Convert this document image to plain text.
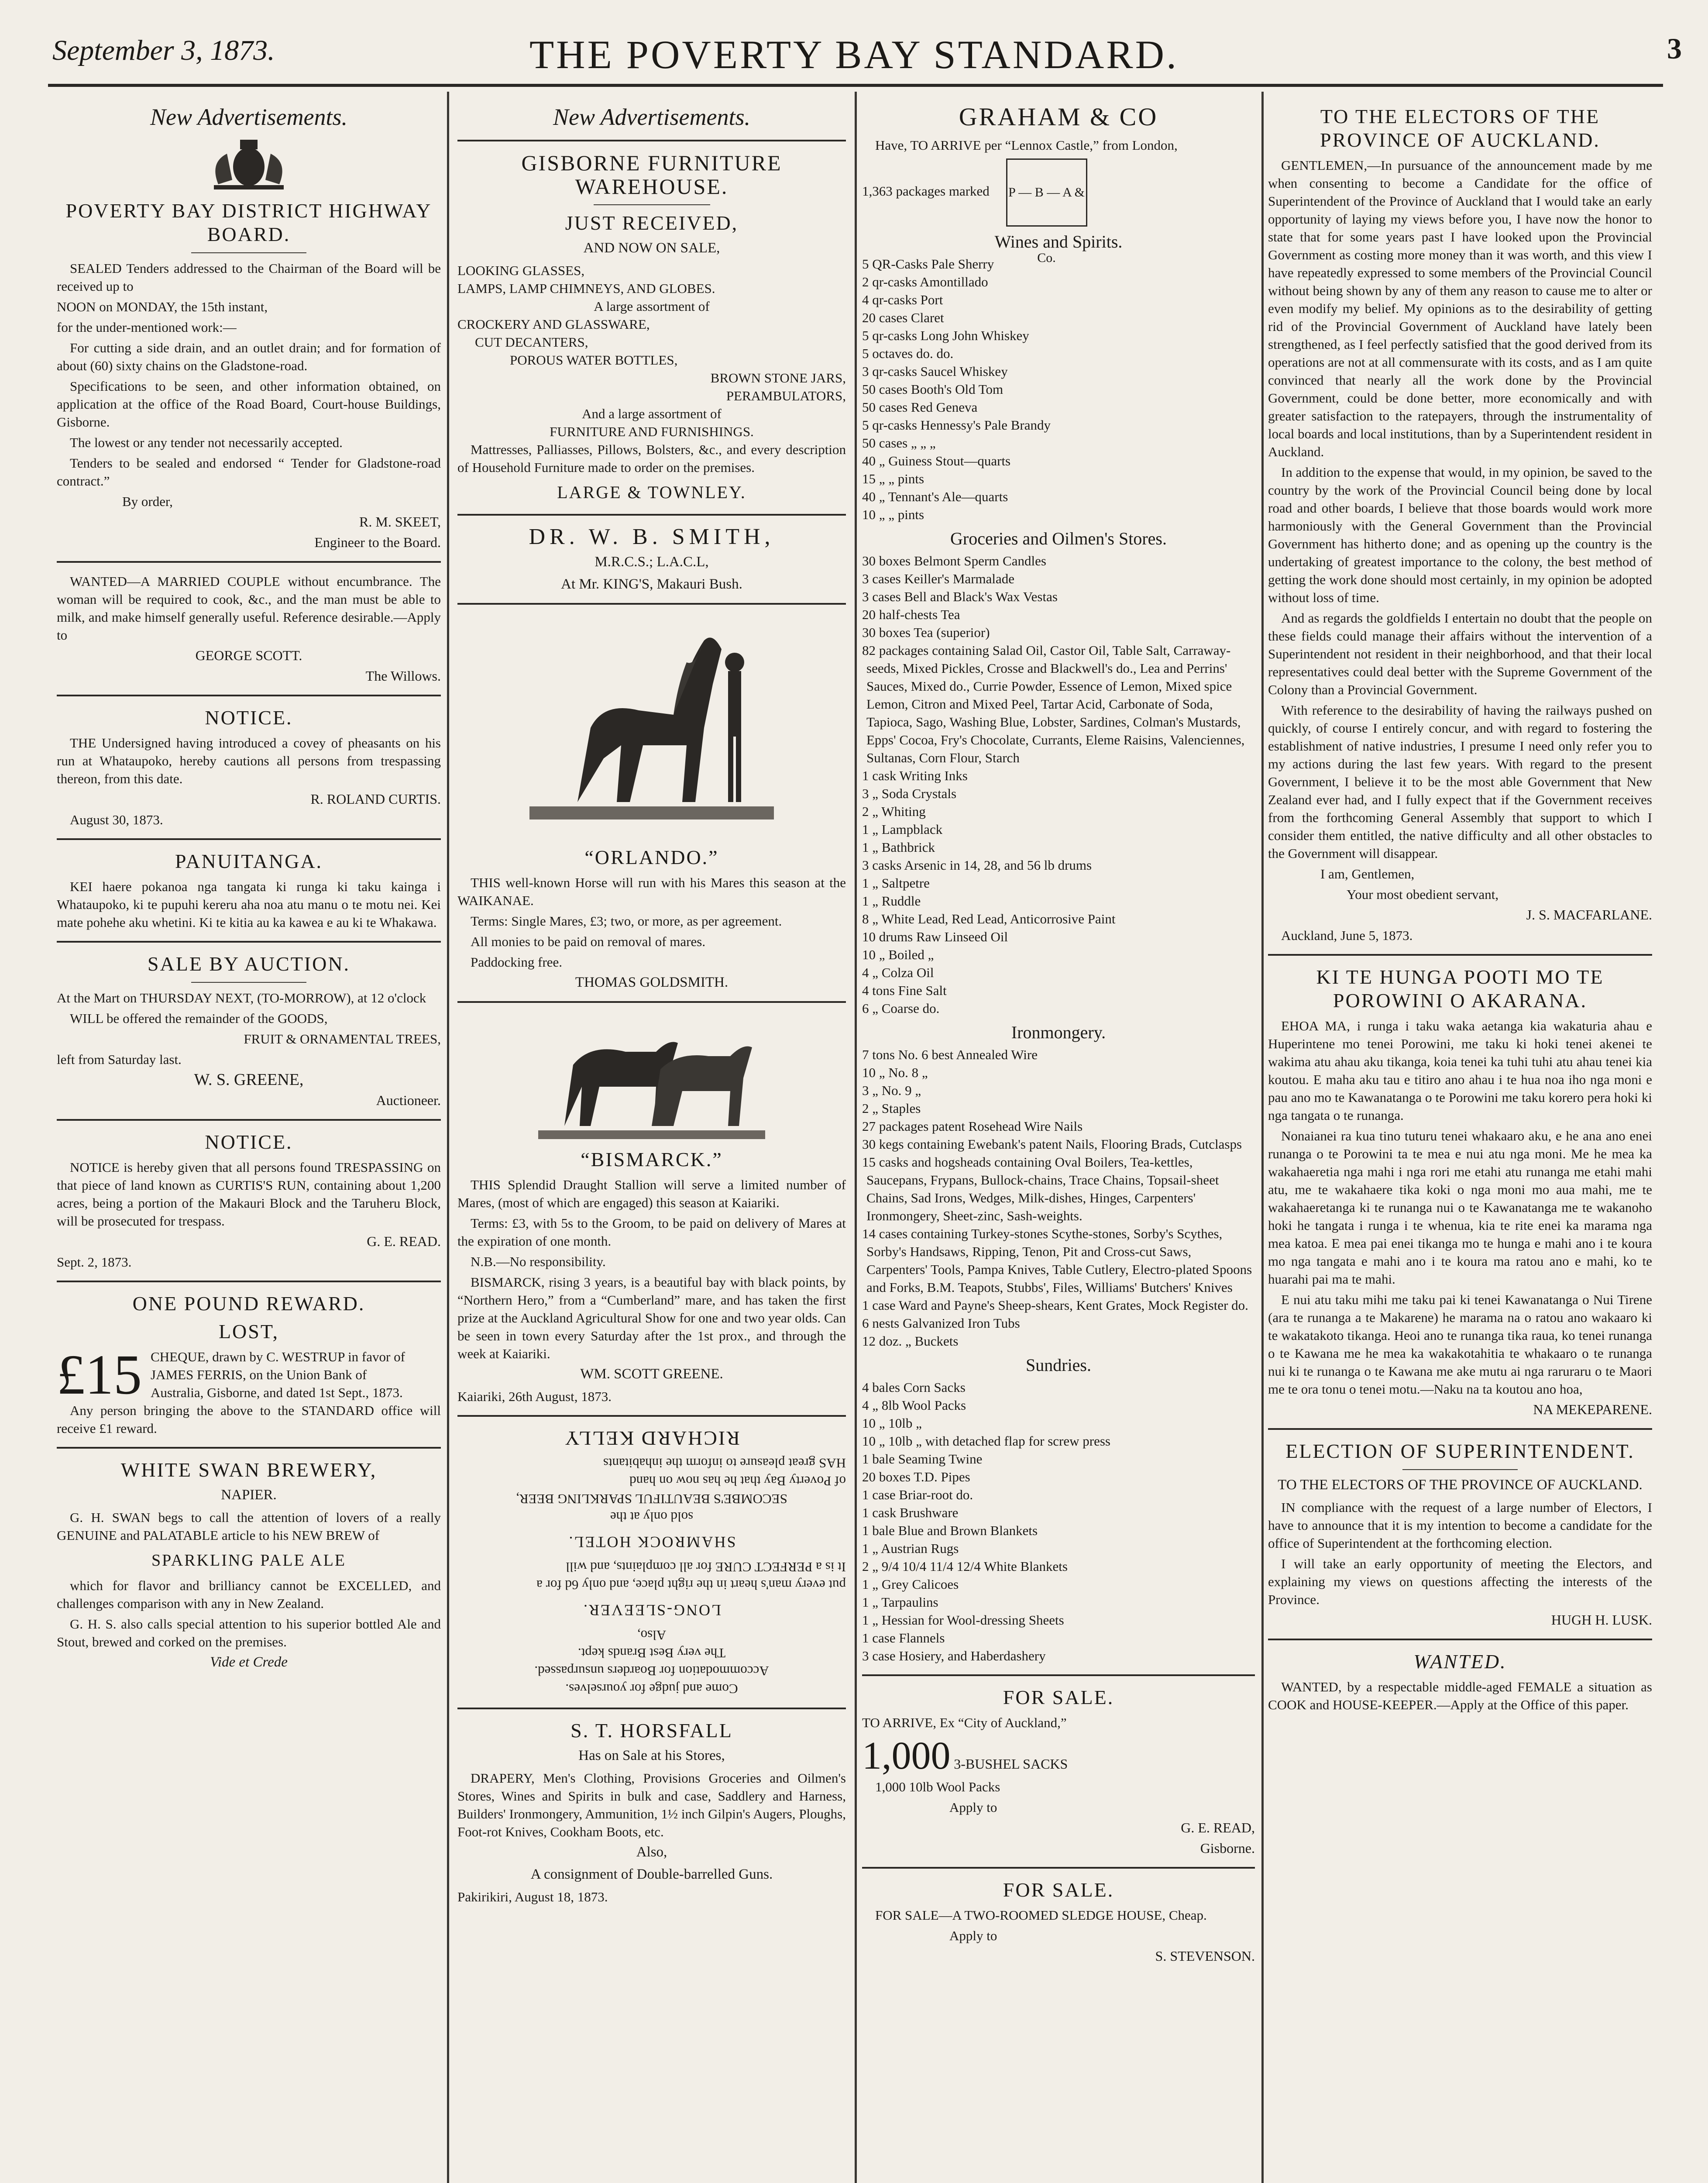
September 3, 1873.	THE POVERTY BAY STANDARD.	3
New Advertisements.
POVERTY BAY DISTRICT HIGHWAY BOARD.

SEALED Tenders addressed to the Chairman of the Board will be received up to

NOON on MONDAY, the 15th instant,

for the under-mentioned work:—

For cutting a side drain, and an outlet drain; and for formation of about (60) sixty chains on the Gladstone-road.

Specifications to be seen, and other information obtained, on application at the office of the Road Board, Court-house Buildings, Gisborne.

The lowest or any tender not necessarily accepted.

Tenders to be sealed and endorsed “ Tender for Gladstone-road contract.”

By order,

R. M. SKEET,
Engineer to the Board.

WANTED—A MARRIED COUPLE without encumbrance. The woman will be required to cook, &c., and the man must be able to milk, and make himself generally useful. Reference desirable.—Apply to

GEORGE SCOTT.
The Willows.
NOTICE.

THE Undersigned having introduced a covey of pheasants on his run at Whataupoko, hereby cautions all persons from trespassing thereon, from this date.

R. ROLAND CURTIS.

August 30, 1873.

PANUITANGA.

KEI haere pokanoa nga tangata ki runga ki taku kainga i Whataupoko, ki te pupuhi kereru aha noa atu manu o te motu nei. Kei mate pohehe aku whetini. Ki te kitia au ka kawea e au ki te Whakawa.

SALE BY AUCTION.

At the Mart on THURSDAY NEXT, (TO-MORROW), at 12 o'clock

WILL be offered the remainder of the GOODS,

FRUIT & ORNAMENTAL TREES,

left from Saturday last.

W. S. GREENE,
Auctioneer.
NOTICE.

NOTICE is hereby given that all persons found TRESPASSING on that piece of land known as CURTIS'S RUN, containing about 1,200 acres, being a portion of the Makauri Block and the Taruheru Block, will be prosecuted for trespass.

G. E. READ.

Sept. 2, 1873.

ONE POUND REWARD.
LOST,
£15 CHEQUE, drawn by C. WESTRUP in favor of JAMES FERRIS, on the Union Bank of Australia, Gisborne, and dated 1st Sept., 1873.

Any person bringing the above to the STANDARD office will receive £1 reward.

WHITE SWAN BREWERY,
NAPIER.

G. H. SWAN begs to call the attention of lovers of a really GENUINE and PALATABLE article to his NEW BREW of

SPARKLING PALE ALE

which for flavor and brilliancy cannot be EXCELLED, and challenges comparison with any in New Zealand.

G. H. S. also calls special attention to his superior bottled Ale and Stout, brewed and corked on the premises.

Vide et Crede
New Advertisements.
GISBORNE FURNITURE WAREHOUSE.
JUST RECEIVED,
AND NOW ON SALE,

LOOKING GLASSES,

LAMPS, LAMP CHIMNEYS, AND GLOBES.

A large assortment of

CROCKERY AND GLASSWARE,

CUT DECANTERS,

POROUS WATER BOTTLES,

BROWN STONE JARS,

PERAMBULATORS,

And a large assortment of

FURNITURE AND FURNISHINGS.

Mattresses, Palliasses, Pillows, Bolsters, &c., and every description of Household Furniture made to order on the premises.

LARGE & TOWNLEY.
DR. W. B. SMITH,
M.R.C.S.; L.A.C.L,
At Mr. KING'S, Makauri Bush.
“ORLANDO.”

THIS well-known Horse will run with his Mares this season at the WAIKANAE.

Terms: Single Mares, £3; two, or more, as per agreement.

All monies to be paid on removal of mares.

Paddocking free.

THOMAS GOLDSMITH.
“BISMARCK.”

THIS Splendid Draught Stallion will serve a limited number of Mares, (most of which are engaged) this season at Kaiariki.

Terms: £3, with 5s to the Groom, to be paid on delivery of Mares at the expiration of one month.

N.B.—No responsibility.

BISMARCK, rising 3 years, is a beautiful bay with black points, by “Northern Hero,” from a “Cumberland” mare, and has taken the first prize at the Auckland Agricultural Show for one and two year olds. Can be seen in town every Saturday after the 1st prox., and through the week at Kaiariki.

WM. SCOTT GREENE.

Kaiariki, 26th August, 1873.

Come and judge for yourselves.

Accommodation for Boarders unsurpassed.

The very Best Brands kept.

Also,

LONG-SLEEVER.

put every man's heart in the right place, and only 6d for a

It is a PERFECT CURE for all complaints, and will

SHAMROCK HOTEL.

sold only at the

SECOMBE'S BEAUTIFUL SPARKLING BEER,

of Poverty Bay that he has now on hand

HAS great pleasure to inform the inhabitants

RICHARD KELLY

S. T. HORSFALL
Has on Sale at his Stores,

DRAPERY, Men's Clothing, Provisions Groceries and Oilmen's Stores, Wines and Spirits in bulk and case, Saddlery and Harness, Builders' Ironmongery, Ammunition, 1½ inch Gilpin's Augers, Ploughs, Foot-rot Knives, Cookham Boots, etc.

Also,
A consignment of Double-barrelled Guns.

Pakirikiri, August 18, 1873.

GRAHAM & CO

Have, TO ARRIVE per “Lennox Castle,” from London,

1,363 packages marked P — B — A & Co.
Wines and Spirits.

5 QR-Casks Pale Sherry

2 qr-casks Amontillado

4 qr-casks Port

20 cases Claret

5 qr-casks Long John Whiskey

5 octaves do. do.

3 qr-casks Saucel Whiskey

50 cases Booth's Old Tom

50 cases Red Geneva

5 qr-casks Hennessy's Pale Brandy

50 cases „ „ „

40 „ Guiness Stout—quarts

15 „ „ pints

40 „ Tennant's Ale—quarts

10 „ „ pints

Groceries and Oilmen's Stores.

30 boxes Belmont Sperm Candles

3 cases Keiller's Marmalade

3 cases Bell and Black's Wax Vestas

20 half-chests Tea

30 boxes Tea (superior)

82 packages containing Salad Oil, Castor Oil, Table Salt, Carraway-seeds, Mixed Pickles, Crosse and Blackwell's do., Lea and Perrins' Sauces, Mixed do., Currie Powder, Essence of Lemon, Mixed spice Lemon, Citron and Mixed Peel, Tartar Acid, Carbonate of Soda, Tapioca, Sago, Washing Blue, Lobster, Sardines, Colman's Mustards, Epps' Cocoa, Fry's Chocolate, Currants, Eleme Raisins, Valenciennes, Sultanas, Corn Flour, Starch

1 cask Writing Inks

3 „ Soda Crystals

2 „ Whiting

1 „ Lampblack

1 „ Bathbrick

3 casks Arsenic in 14, 28, and 56 lb drums

1 „ Saltpetre

1 „ Ruddle

8 „ White Lead, Red Lead, Anticorrosive Paint

10 drums Raw Linseed Oil

10 „ Boiled „

4 „ Colza Oil

4 tons Fine Salt

6 „ Coarse do.

Ironmongery.

7 tons No. 6 best Annealed Wire

10 „ No. 8 „

3 „ No. 9 „

2 „ Staples

27 packages patent Rosehead Wire Nails

30 kegs containing Ewebank's patent Nails, Flooring Brads, Cutclasps

15 casks and hogsheads containing Oval Boilers, Tea-kettles, Saucepans, Frypans, Bullock-chains, Trace Chains, Topsail-sheet Chains, Sad Irons, Wedges, Milk-dishes, Hinges, Carpenters' Ironmongery, Sheet-zinc, Sash-weights.

14 cases containing Turkey-stones Scythe-stones, Sorby's Scythes, Sorby's Handsaws, Ripping, Tenon, Pit and Cross-cut Saws, Carpenters' Tools, Pampa Knives, Table Cutlery, Electro-plated Spoons and Forks, B.M. Teapots, Stubbs', Files, Williams' Butchers' Knives

1 case Ward and Payne's Sheep-shears, Kent Grates, Mock Register do.

6 nests Galvanized Iron Tubs

12 doz. „ Buckets

Sundries.

4 bales Corn Sacks

4 „ 8lb Wool Packs

10 „ 10lb „

10 „ 10lb „ with detached flap for screw press

1 bale Seaming Twine

20 boxes T.D. Pipes

1 case Briar-root do.

1 cask Brushware

1 bale Blue and Brown Blankets

1 „ Austrian Rugs

2 „ 9/4 10/4 11/4 12/4 White Blankets

1 „ Grey Calicoes

1 „ Tarpaulins

1 „ Hessian for Wool-dressing Sheets

1 case Flannels

3 case Hosiery, and Haberdashery

FOR SALE.

TO ARRIVE, Ex “City of Auckland,”

1,000 3-BUSHEL SACKS

1,000 10lb Wool Packs

Apply to

G. E. READ,
Gisborne.
FOR SALE.

FOR SALE—A TWO-ROOMED SLEDGE HOUSE, Cheap.

Apply to

S. STEVENSON.
TO THE ELECTORS OF THE PROVINCE OF AUCKLAND.

GENTLEMEN,—In pursuance of the announcement made by me when consenting to become a Candidate for the office of Superintendent of the Province of Auckland that I would take an early opportunity of laying my views before you, I have now the honor to state that for some years past I have looked upon the Provincial Government as costing more money than it was worth, and this view I have repeatedly expressed to some members of the Provincial Council without being shown by any of them any reason to cause me to alter or even modify my belief. My opinions as to the desirability of getting rid of the Provincial Government of Auckland have lately been strengthened, as I feel perfectly satisfied that the good derived from its operations are not at all commensurate with its costs, and as I am quite convinced that nearly all the work done by the Provincial Government, could be done better, more economically and with greater satisfaction to the ratepayers, through the instrumentality of local boards and local institutions, than by a Superintendent resident in Auckland.

In addition to the expense that would, in my opinion, be saved to the country by the work of the Provincial Council being done by local road and other boards, I believe that those boards would work more harmoniously with the General Government than the Provincial Government has hitherto done; and as opening up the country is the undertaking of greatest importance to the colony, the best method of getting the work done should most certainly, in my opinion be adopted without loss of time.

And as regards the goldfields I entertain no doubt that the people on these fields could manage their affairs without the intervention of a Superintendent not resident in their neighborhood, and that their local representatives could deal better with the Supreme Government of the Colony than a Provincial Government.

With reference to the desirability of having the railways pushed on quickly, of course I entirely concur, and with regard to fostering the establishment of native industries, I presume I need only refer you to my actions during the last few years. With regard to the present Government, I believe it to be the most able Government that New Zealand ever had, and I fully expect that if the Government receives from the forthcoming General Assembly that support to which I consider them entitled, the native difficulty and all other obstacles to the Government will disappear.

I am, Gentlemen,

Your most obedient servant,

J. S. MACFARLANE.

Auckland, June 5, 1873.

KI TE HUNGA POOTI MO TE POROWINI O AKARANA.

EHOA MA, i runga i taku waka aetanga kia wakaturia ahau e Huperintene mo tenei Porowini, me taku ki hoki tenei akenei te wakima atu ahau aku tikanga, koia tenei ka tuhi tuhi atu ahau tenei kia koutou. E maha aku tau e titiro ano ahau i te hua noa iho nga moni e pau ano mo te Kawanatanga o te Porowini me taku korero pera hoki ki nga tangata o te runanga.

Nonaianei ra kua tino tuturu tenei whakaaro aku, e he ana ano enei runanga o te Porowini ta te mea e nui atu nga moni. Me he mea ka wakahaeretia nga mahi i nga rori me etahi atu runanga me etahi mahi atu, me te wakahaere tika koki o nga moni mo aua mahi, me te wakahaeretanga ki te runanga nui o te Kawanatanga me te wakanoho hoki he tangata i runga i te whenua, kia te rite enei ka marama nga mea katoa. E mea pai enei tikanga mo te hunga e mahi ano i te koura mo nga tangata e mahi ano i te koura ma ratou ano e mahi, ko te huarahi pai ma te mahi.

E nui atu taku mihi me taku pai ki tenei Kawanatanga o Nui Tirene (ara te runanga a te Makarene) he marama na o ratou ano wakaaro ki te wakatakoto tikanga. Heoi ano te runanga tika raua, ko tenei runanga o te Kawana me he mea ka wakakotahitia te whakaaro o te runanga nui ki te runanga o te Kawana me ake mutu ai nga raruraru o te Maori me te ora tonu o tenei motu.—Naku na ta koutou ano hoa,

NA MEKEPARENE.
ELECTION OF SUPERINTENDENT.
TO THE ELECTORS OF THE PROVINCE OF AUCKLAND.

IN compliance with the request of a large number of Electors, I have to announce that it is my intention to become a candidate for the office of Superintendent at the forthcoming election.

I will take an early opportunity of meeting the Electors, and explaining my views on questions affecting the interests of the Province.

HUGH H. LUSK.
WANTED.

WANTED, by a respectable middle-aged FEMALE a situation as COOK and HOUSE-KEEPER.—Apply at the Office of this paper.
